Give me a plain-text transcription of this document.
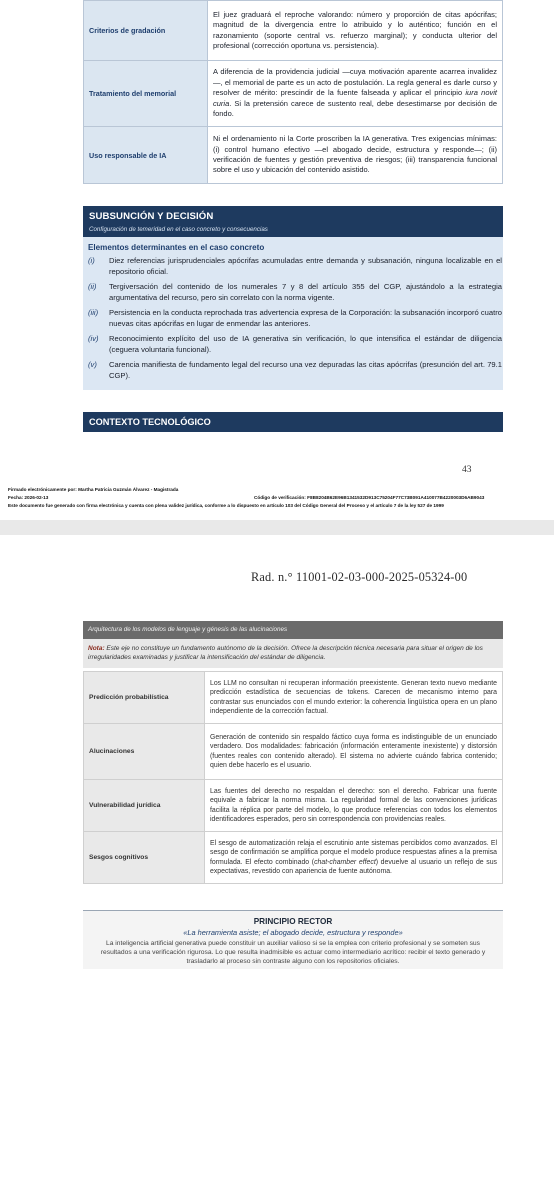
Criterios de gradación	El juez graduará el reproche valorando: número y proporción de citas apócrifas; magnitud de la divergencia entre lo atribuido y lo auténtico; función en el razonamiento (soporte central vs. refuerzo marginal); y conducta ulterior del profesional (corrección oportuna vs. persistencia).
Tratamiento del memorial	A diferencia de la providencia judicial —cuya motivación aparente acarrea invalidez—, el memorial de parte es un acto de postulación. La regla general es darle curso y resolver de mérito: prescindir de la fuente falseada y aplicar el principio iura novit curia. Si la pretensión carece de sustento real, debe desestimarse por decisión de fondo.
Uso responsable de IA	Ni el ordenamiento ni la Corte proscriben la IA generativa. Tres exigencias mínimas: (i) control humano efectivo —el abogado decide, estructura y responde—; (ii) verificación de fuentes y gestión preventiva de riesgos; (iii) transparencia funcional sobre el uso y ubicación del contenido asistido.
SUBSUNCIÓN Y DECISIÓN
Configuración de temeridad en el caso concreto y consecuencias
Elementos determinantes en el caso concreto
(i) Diez referencias jurisprudenciales apócrifas acumuladas entre demanda y subsanación, ninguna localizable en el repositorio oficial.
(ii) Tergiversación del contenido de los numerales 7 y 8 del artículo 355 del CGP, ajustándolo a la estrategia argumentativa del recurso, pero sin correlato con la norma vigente.
(iii) Persistencia en la conducta reprochada tras advertencia expresa de la Corporación: la subsanación incorporó cuatro nuevas citas apócrifas en lugar de enmendar las anteriores.
(iv) Reconocimiento explícito del uso de IA generativa sin verificación, lo que intensifica el estándar de diligencia (ceguera voluntaria funcional).
(v) Carencia manifiesta de fundamento legal del recurso una vez depuradas las citas apócrifas (presunción del art. 79.1 CGP).
CONTEXTO TECNOLÓGICO
43
Firmado electrónicamente por: Martha Patricia Guzmán Álvarez - Magistrada
Fecha: 2026-02-13	Código de verificación: F8B8204B62E96B1341532D913C75204F77C73B091A410077B4220003D6AB9043
Este documento fue generado con firma electrónica y cuenta con plena validez jurídica, conforme a lo dispuesto en artículo 103 del Código General del Proceso y el artículo 7 de la ley 527 de 1999
Rad. n.° 11001-02-03-000-2025-05324-00
Arquitectura de los modelos de lenguaje y génesis de las alucinaciones
Nota: Este eje no constituye un fundamento autónomo de la decisión. Ofrece la descripción técnica necesaria para situar el origen de los irregularidades examinadas y justificar la intensificación del estándar de diligencia.
Predicción probabilística	Los LLM no consultan ni recuperan información preexistente. Generan texto nuevo mediante predicción estadística de secuencias de tokens. Carecen de mecanismo interno para contrastar sus enunciados con el mundo exterior: la coherencia lingüística opera en un plano independiente de la corrección factual.
Alucinaciones	Generación de contenido sin respaldo fáctico cuya forma es indistinguible de un enunciado verdadero. Dos modalidades: fabricación (información enteramente inexistente) y distorsión (fuentes reales con contenido alterado). El sistema no advierte cuándo fabrica contenido; quien debe hacerlo es el usuario.
Vulnerabilidad jurídica	Las fuentes del derecho no respaldan el derecho: son el derecho. Fabricar una fuente equivale a fabricar la norma misma. La regularidad formal de las convenciones jurídicas facilita la réplica por parte del modelo, lo que produce referencias con todos los elementos identificadores esperados, pero sin correspondencia con providencias reales.
Sesgos cognitivos	El sesgo de automatización relaja el escrutinio ante sistemas percibidos como avanzados. El sesgo de confirmación se amplifica porque el modelo produce respuestas afines a la premisa formulada. El efecto combinado (chat-chamber effect) devuelve al usuario un reflejo de sus expectativas, revestido con apariencia de fuente autónoma.
PRINCIPIO RECTOR
«La herramienta asiste; el abogado decide, estructura y responde»
La inteligencia artificial generativa puede constituir un auxiliar valioso si se la emplea con criterio profesional y se someten sus resultados a una verificación rigurosa. Lo que resulta inadmisible es actuar como intermediario acrítico: recibir el texto generado y trasladarlo al proceso sin contraste alguno con los repositorios oficiales.
